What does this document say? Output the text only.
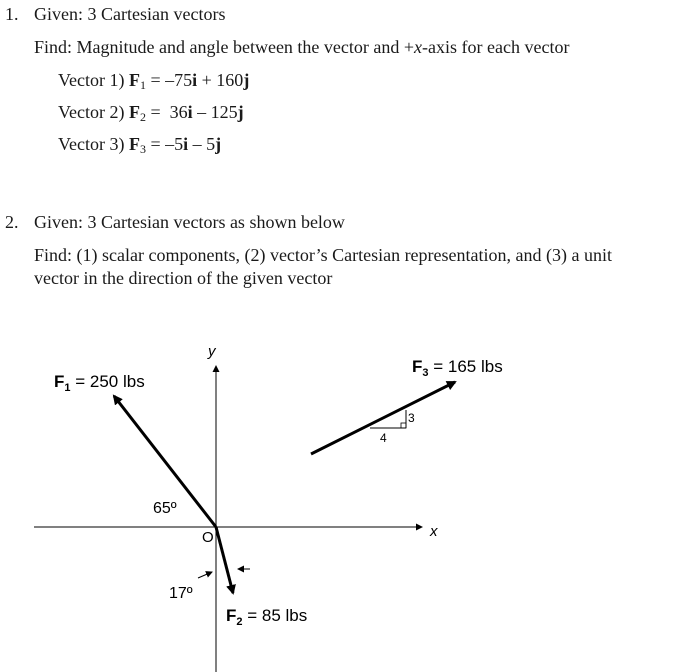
1. Given: 3 Cartesian vectors
Find: Magnitude and angle between the vector and +x-axis for each vector
Vector 1) $F_1 = -75i + 160j$
Vector 2) $F_2 = 36i - 125j$
Vector 3) $F_3 = -5i - 5j$
2. Given: 3 Cartesian vectors as shown below
Find: (1) scalar components, (2) vector’s Cartesian representation, and (3) a unit
vector in the direction of the given vector
y
x
O
$F_1 = 250$ lbs
$F_2 = 85$ lbs
$F_3 = 165$ lbs
65º
17º
4
3
